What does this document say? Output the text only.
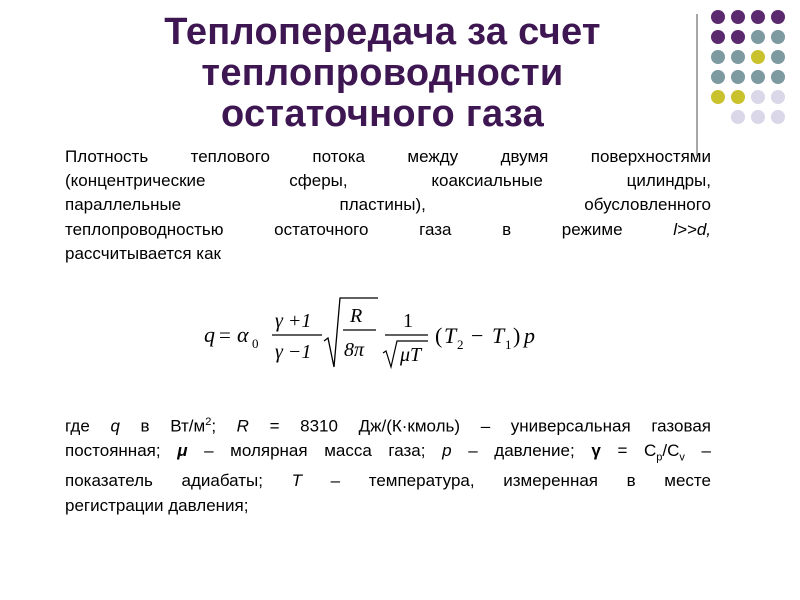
Теплопередача за счет
теплопроводности
остаточного газа
Плотность теплового потока между двумя поверхностями
(концентрические сферы, коаксиальные цилиндры,
параллельные пластины), обусловленного
теплопроводностью остаточного газа в режиме l>>d,
рассчитывается как
q = α 0
γ +1
γ −1
R
8π
1
μT
( T 2 − T 1 ) p
где q в $Вт/м^2$; R = 8310 Дж/(К·кмоль) – универсальная газовая
постоянная; μ – молярная масса газа; p – давление; $\gamma = C_p/C_v$ –
показатель адиабаты; T – температура, измеренная в месте
регистрации давления;
